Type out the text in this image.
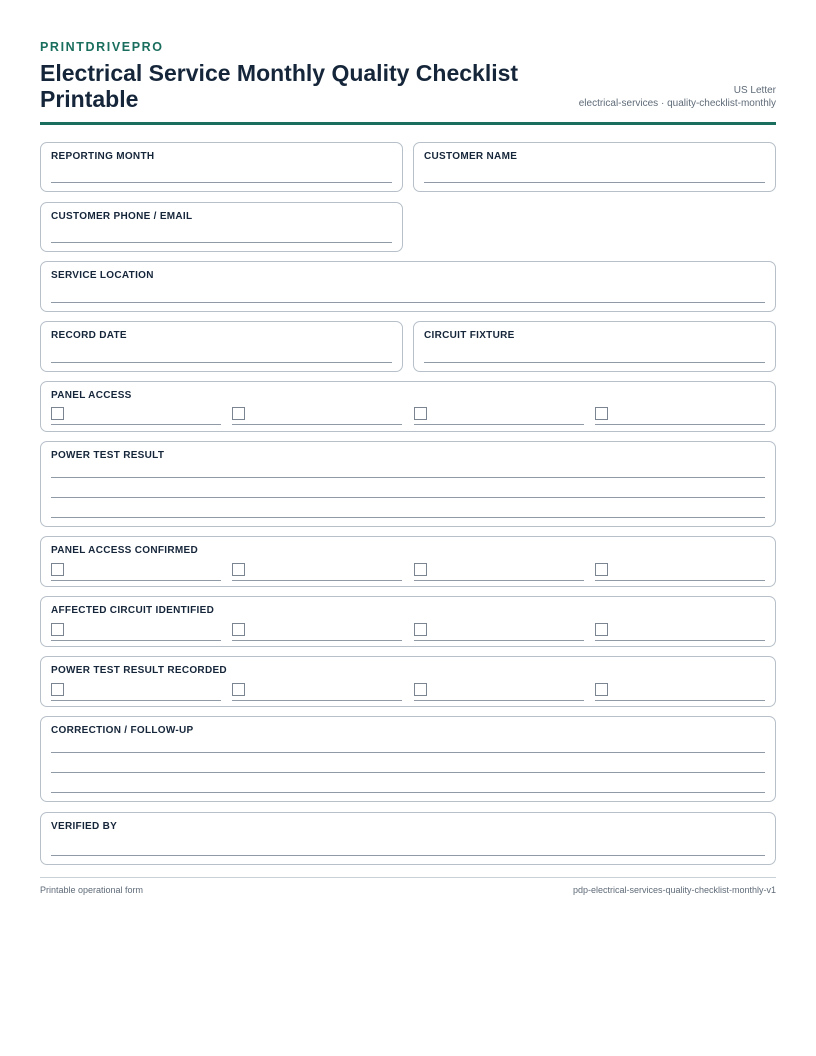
PRINTDRIVEPRO
Electrical Service Monthly Quality Checklist Printable	US Letter
electrical-services · quality-checklist-monthly
REPORTING MONTH	CUSTOMER NAME
CUSTOMER PHONE / EMAIL
SERVICE LOCATION
RECORD DATE	CIRCUIT FIXTURE
PANEL ACCESS
POWER TEST RESULT
PANEL ACCESS CONFIRMED
AFFECTED CIRCUIT IDENTIFIED
POWER TEST RESULT RECORDED
CORRECTION / FOLLOW-UP
VERIFIED BY
Printable operational form	pdp-electrical-services-quality-checklist-monthly-v1
